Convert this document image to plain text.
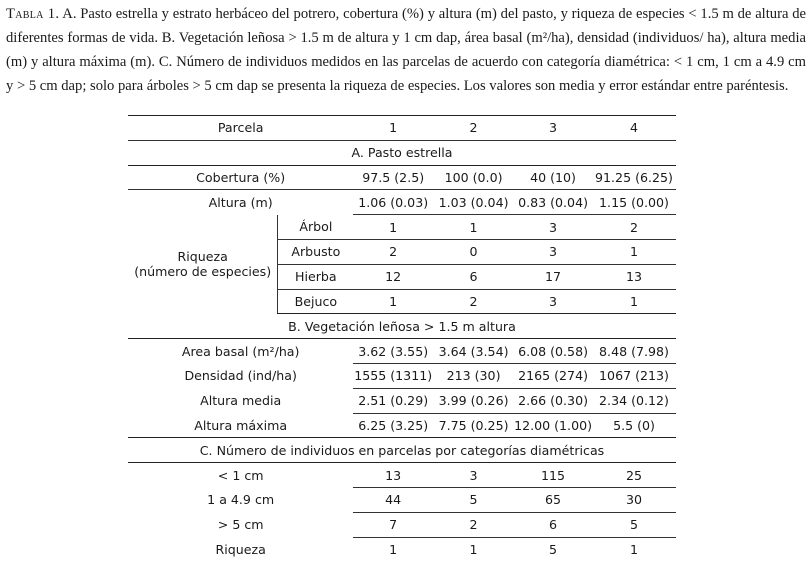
Tabla 1. A. Pasto estrella y estrato herbáceo del potrero, cobertura (%) y altura (m) del pasto, y riqueza de especies < 1.5 m de altura de diferentes formas de vida. B. Vegetación leñosa > 1.5 m de altura y 1 cm dap, área basal (m²/ha), densidad (individuos/ ha), altura media (m) y altura máxima (m). C. Número de individuos medidos en las parcelas de acuerdo con categoría diamétrica: < 1 cm, 1 cm a 4.9 cm y > 5 cm dap; solo para árboles > 5 cm dap se presenta la riqueza de especies. Los valores son media y error estándar entre paréntesis.
Parcela		1	2	3	4
A. Pasto estrella					
Cobertura (%)		97.5 (2.5)	100 (0.0)	40 (10)	91.25 (6.25)
Altura (m)		1.06 (0.03)	1.03 (0.04)	0.83 (0.04)	1.15 (0.00)
Riqueza
(número de especies)	Árbol	1	1	3	2
	Arbusto	2	0	3	1
	Hierba	12	6	17	13
	Bejuco	1	2	3	1
B. Vegetación leñosa > 1.5 m altura					
Area basal (m²/ha)		3.62 (3.55)	3.64 (3.54)	6.08 (0.58)	8.48 (7.98)
Densidad (ind/ha)		1555 (1311)	213 (30)	2165 (274)	1067 (213)
Altura media		2.51 (0.29)	3.99 (0.26)	2.66 (0.30)	2.34 (0.12)
Altura máxima		6.25 (3.25)	7.75 (0.25)	12.00 (1.00)	5.5 (0)
C. Número de individuos en parcelas por categorías diamétricas					
< 1 cm		13	3	115	25
1 a 4.9 cm		44	5	65	30
> 5 cm		7	2	6	5
Riqueza		1	1	5	1
